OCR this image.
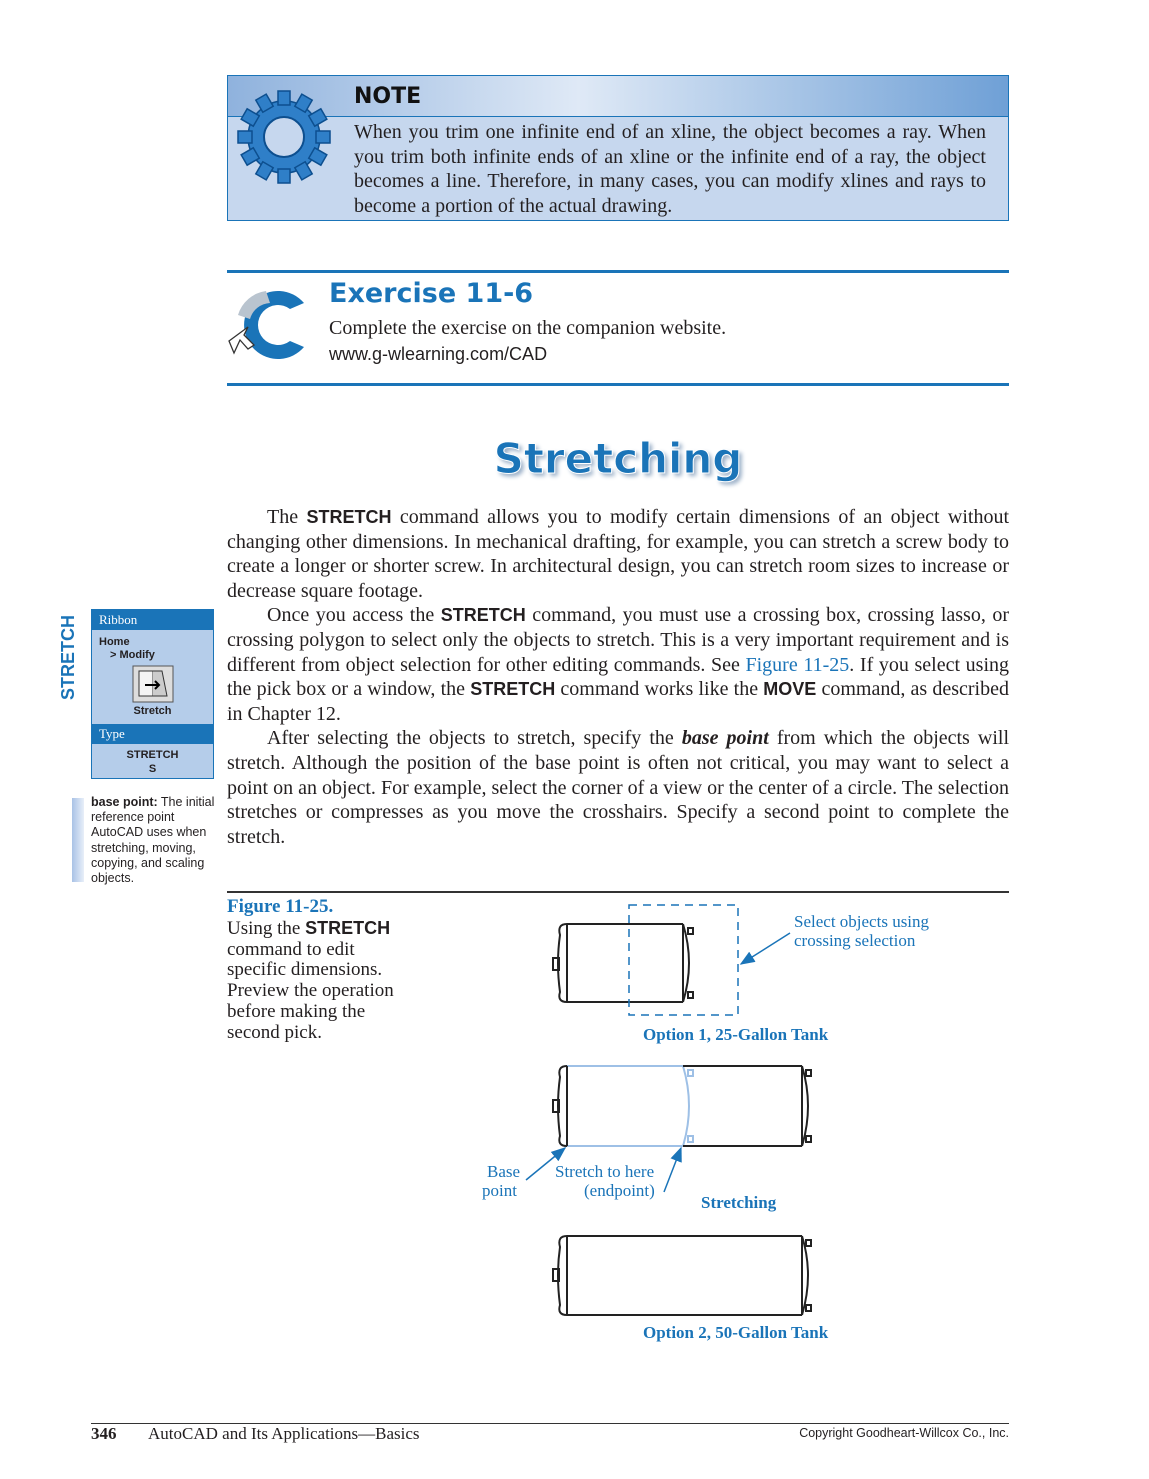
NOTE
When you trim one infinite end of an xline, the object becomes a ray. When you trim both infinite ends of an xline or the infinite end of a ray, the object becomes a line. Therefore, in many cases, you can modify xlines and rays to become a portion of the actual drawing.
Exercise 11-6
Complete the exercise on the companion website.
www.g-wlearning.com/CAD
Stretching

The STRETCH command allows you to modify certain dimensions of an object without changing other dimensions. In mechanical drafting, for example, you can stretch a screw body to create a longer or shorter screw. In architectural design, you can stretch room sizes to increase or decrease square footage.

Once you access the STRETCH command, you must use a crossing box, crossing lasso, or crossing polygon to select only the objects to stretch. This is a very important requirement and is different from object selection for other editing commands. See Figure 11-25. If you select using the pick box or a window, the STRETCH command works like the MOVE command, as described in Chapter 12.

After selecting the objects to stretch, specify the base point from which the objects will stretch. Although the position of the base point is often not critical, you may want to select a point on an object. For example, select the corner of a view or the center of a circle. The selection stretches or compresses as you move the crosshairs. Specify a second point to complete the stretch.

STRETCH	Ribbon
Home
> Modify
Stretch
Type
STRETCH
S
base point: The initial reference point AutoCAD uses when stretching, moving, copying, and scaling objects.
Figure 11-25.
Using the STRETCH command to edit specific dimensions. Preview the operation before making the second pick.
Select objects using
crossing selection
Option 1, 25-Gallon Tank
Base
point
Stretch to here
(endpoint)
Stretching
Option 2, 50-Gallon Tank
346 AutoCAD and Its Applications—Basics	Copyright Goodheart-Willcox Co., Inc.
